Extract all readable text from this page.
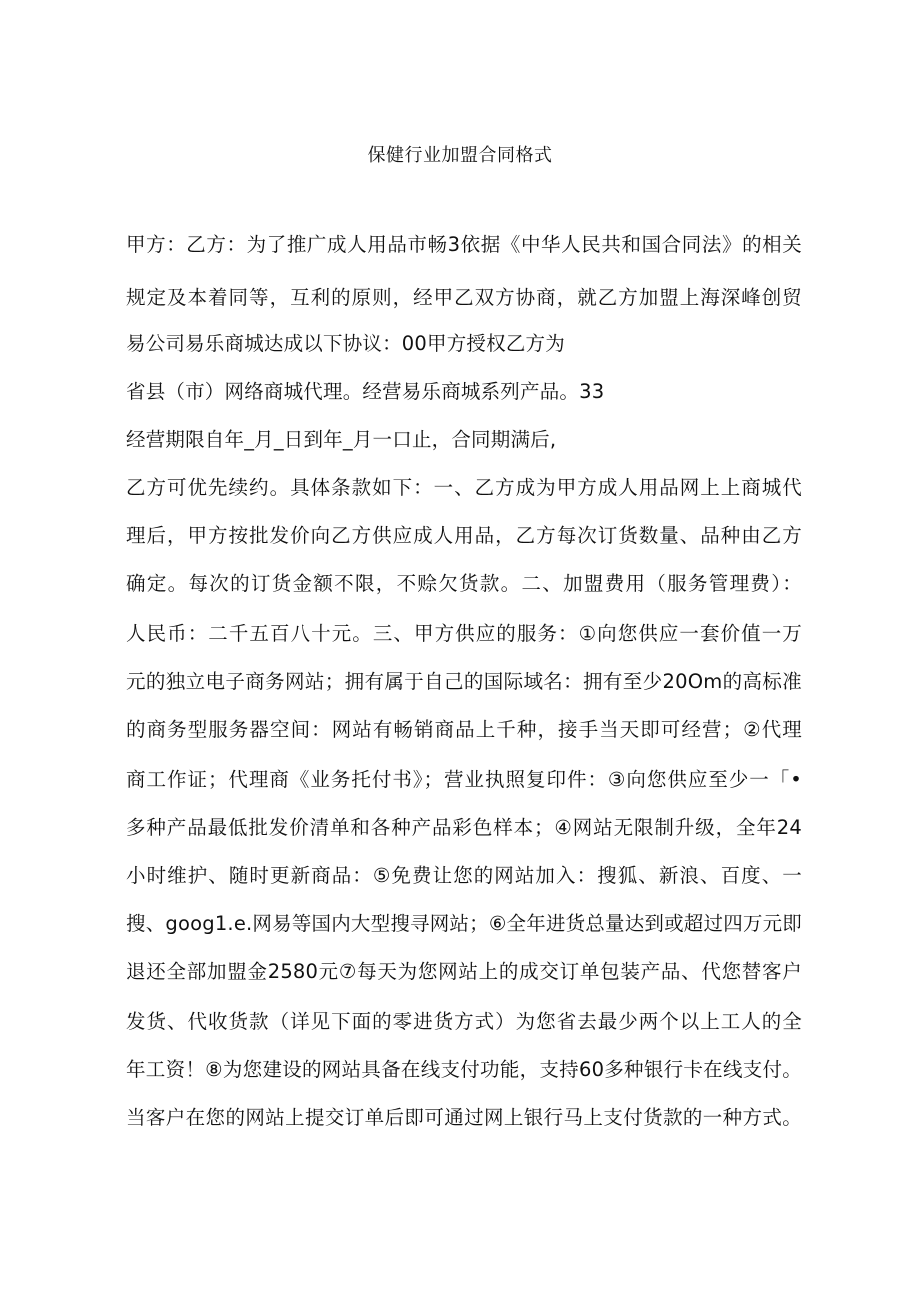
保健行业加盟合同格式
甲方：乙方：为了推广成人用品市畅3依据《中华人民共和国合同法》的相关
规定及本着同等，互利的原则，经甲乙双方协商，就乙方加盟上海深峰创贸
易公司易乐商城达成以下协议：00甲方授权乙方为
省县（市）网络商城代理。经营易乐商城系列产品。33
经营期限自年_月_日到年_月一口止，合同期满后,
乙方可优先续约。具体条款如下：一、乙方成为甲方成人用品网上上商城代
理后，甲方按批发价向乙方供应成人用品，乙方每次订货数量、品种由乙方
确定。每次的订货金额不限，不赊欠货款。二、加盟费用（服务管理费）：
人民币：二千五百八十元。三、甲方供应的服务：①向您供应一套价值一万
元的独立电子商务网站；拥有属于自己的国际域名：拥有至少20Om的高标准
的商务型服务器空间：网站有畅销商品上千种，接手当天即可经营；②代理
商工作证；代理商《业务托付书》；营业执照复印件：③向您供应至少一「•
多种产品最低批发价清单和各种产品彩色样本；④网站无限制升级，全年24
小时维护、随时更新商品：⑤免费让您的网站加入：搜狐、新浪、百度、一
搜、goog1.e.网易等国内大型搜寻网站；⑥全年进货总量达到或超过四万元即
退还全部加盟金2580元⑦每天为您网站上的成交订单包装产品、代您替客户
发货、代收货款（详见下面的零进货方式）为您省去最少两个以上工人的全
年工资！⑧为您建设的网站具备在线支付功能，支持60多种银行卡在线支付。
当客户在您的网站上提交订单后即可通过网上银行马上支付货款的一种方式。
